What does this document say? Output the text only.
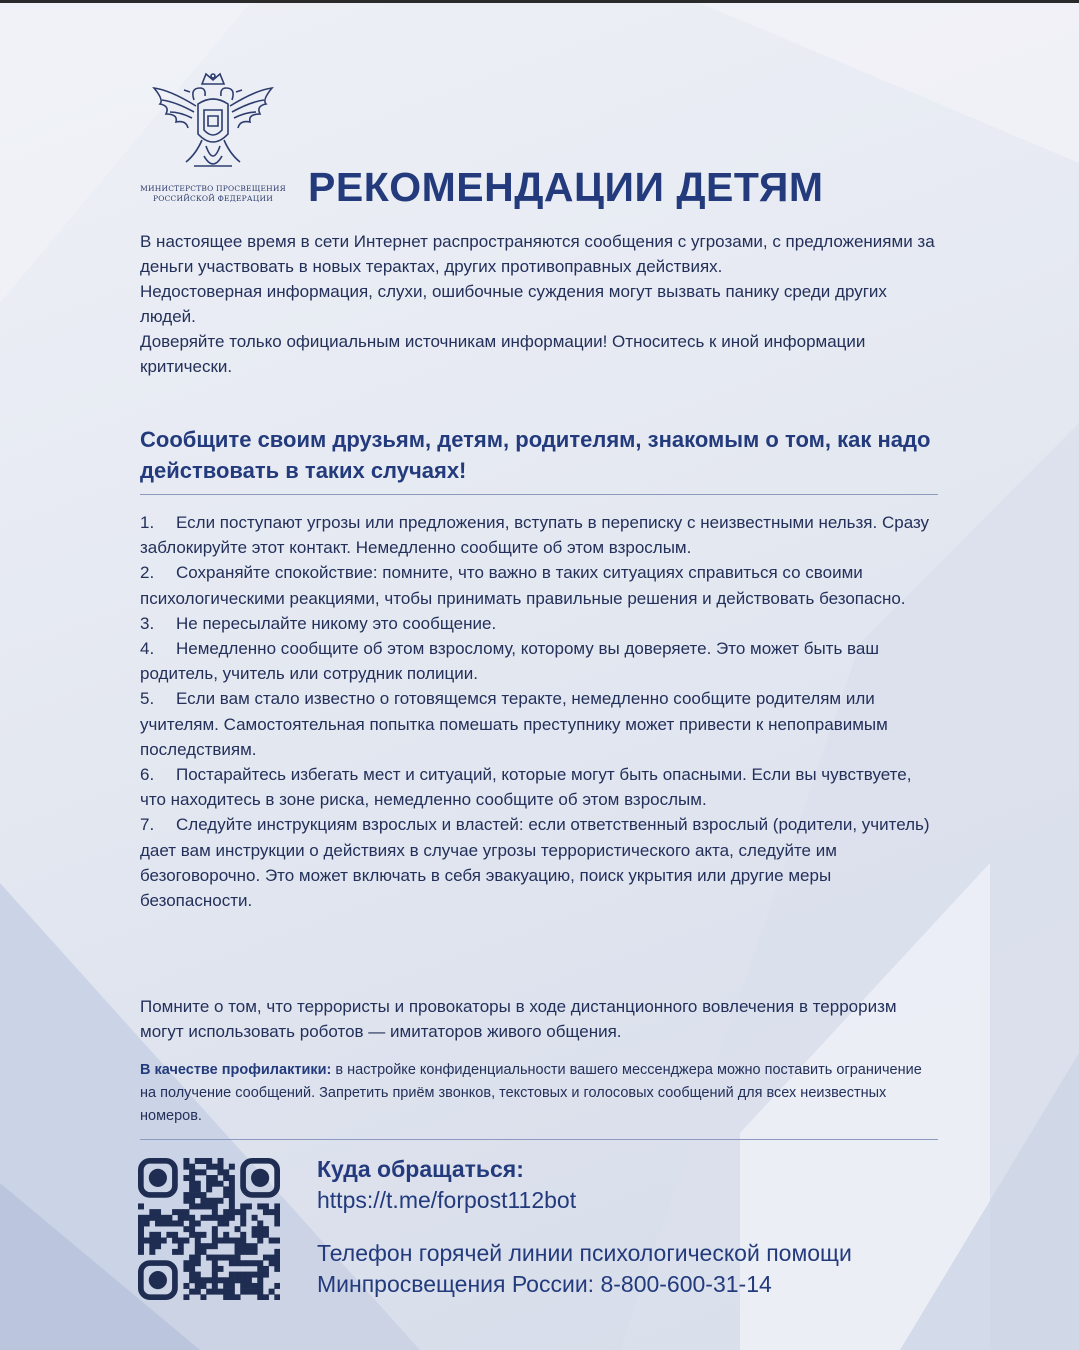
МИНИСТЕРСТВО ПРОСВЕЩЕНИЯ
РОССИЙСКОЙ ФЕДЕРАЦИИ РЕКОМЕНДАЦИИ ДЕТЯМ

В настоящее время в сети Интернет распространяются сообщения с угрозами, с предложениями за деньги участвовать в новых терактах, других противоправных действиях.

Недостоверная информация, слухи, ошибочные суждения могут вызвать панику среди других людей.

Доверяйте только официальным источникам информации! Относитесь к иной информации критически.

Сообщите своим друзьям, детям, родителям, знакомым о том, как надо действовать в таких случаях!
1. Если поступают угрозы или предложения, вступать в переписку с неизвестными нельзя. Сразу заблокируйте этот контакт. Немедленно сообщите об этом взрослым.
2. Сохраняйте спокойствие: помните, что важно в таких ситуациях справиться со своими психологическими реакциями, чтобы принимать правильные решения и действовать безопасно.
3. Не пересылайте никому это сообщение.
4. Немедленно сообщите об этом взрослому, которому вы доверяете. Это может быть ваш родитель, учитель или сотрудник полиции.
5. Если вам стало известно о готовящемся теракте, немедленно сообщите родителям или учителям. Самостоятельная попытка помешать преступнику может привести к непоправимым последствиям.
6. Постарайтесь избегать мест и ситуаций, которые могут быть опасными. Если вы чувствуете, что находитесь в зоне риска, немедленно сообщите об этом взрослым.
7. Следуйте инструкциям взрослых и властей: если ответственный взрослый (родители, учитель) дает вам инструкции о действиях в случае угрозы террористического акта, следуйте им безоговорочно. Это может включать в себя эвакуацию, поиск укрытия или другие меры безопасности.

Помните о том, что террористы и провокаторы в ходе дистанционного вовлечения в терроризм могут использовать роботов — имитаторов живого общения.

В качестве профилактики: в настройке конфиденциальности вашего мессенджера можно поставить ограничение на получение сообщений. Запретить приём звонков, текстовых и голосовых сообщений для всех неизвестных номеров.
Куда обращаться:
https://t.me/forpost112bot
Телефон горячей линии психологической помощи
Минпросвещения России: 8-800-600-31-14
